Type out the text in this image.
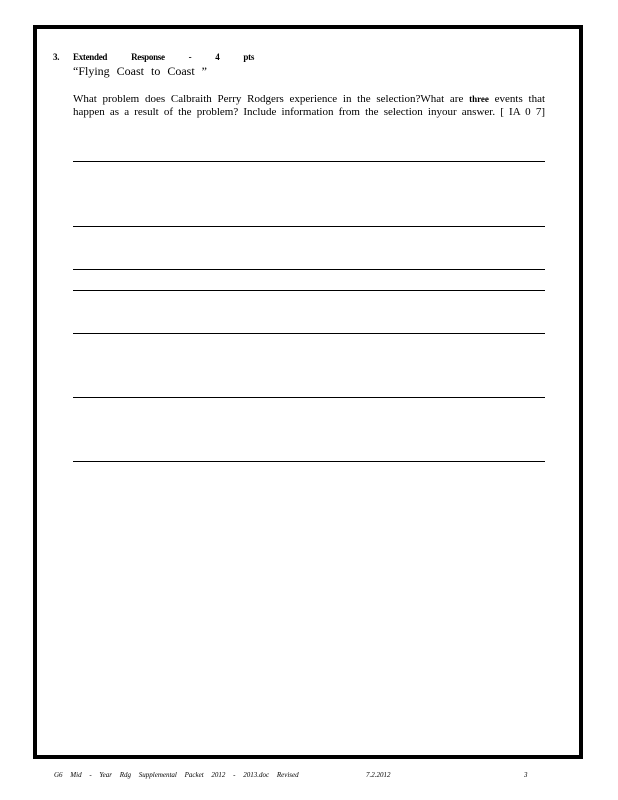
3. Extended	Response	- 4 pts
“Flying Coast to Coast ”
What problem does Calbraith Perry Rodgers experience in the selection?What are three events that
happen as a result of the problem? Include information from the selection inyour answer. [ IA 0 7]
G6 Mid - Year Rdg Supplemental Packet 2012 - 2013.doc Revised	7.2.2012	3
